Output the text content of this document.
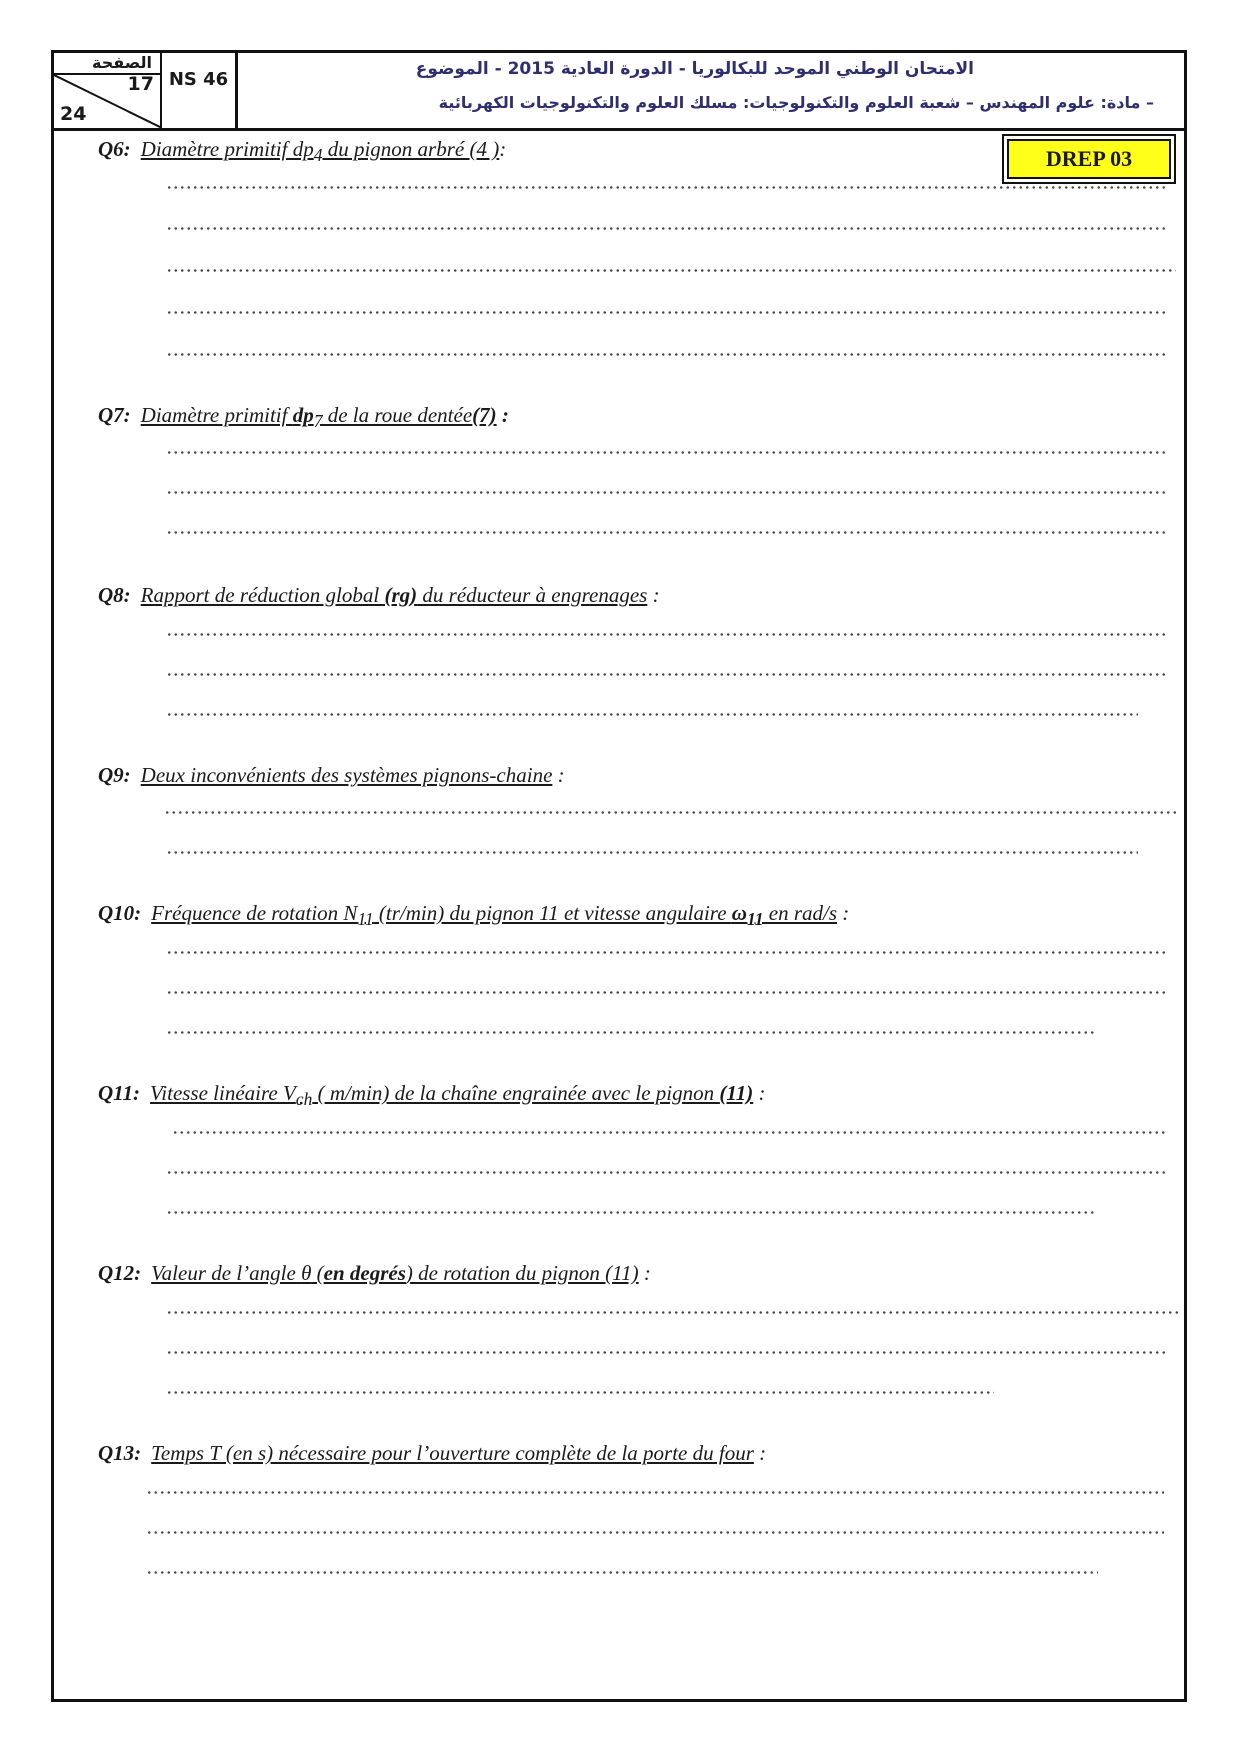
الصفحة
17
24
NS 46	الامتحان الوطني الموحد للبكالوريا - الدورة العادية 2015 - الموضوع
– مادة: علوم المهندس – شعبة العلوم والتكنولوجيات: مسلك العلوم والتكنولوجيات الكهربائية
DREP 03
Q6: Diamètre primitif $dp_4$ du pignon arbré (4 ):
Q7: Diamètre primitif $dp_7$ de la roue dentée(7) :
Q8: Rapport de réduction global (rg) du réducteur à engrenages :
Q9: Deux inconvénients des systèmes pignons-chaine :
Q10: Fréquence de rotation $N_{11}$ (tr/min) du pignon 11 et vitesse angulaire $\omega_{11}$ en rad/s :
Q11: Vitesse linéaire $V_{ch}$ ( m/min) de la chaîne engrainée avec le pignon (11) :
Q12: Valeur de l’angle θ (en degrés) de rotation du pignon (11) :
Q13: Temps T (en s) nécessaire pour l’ouverture complète de la porte du four :
